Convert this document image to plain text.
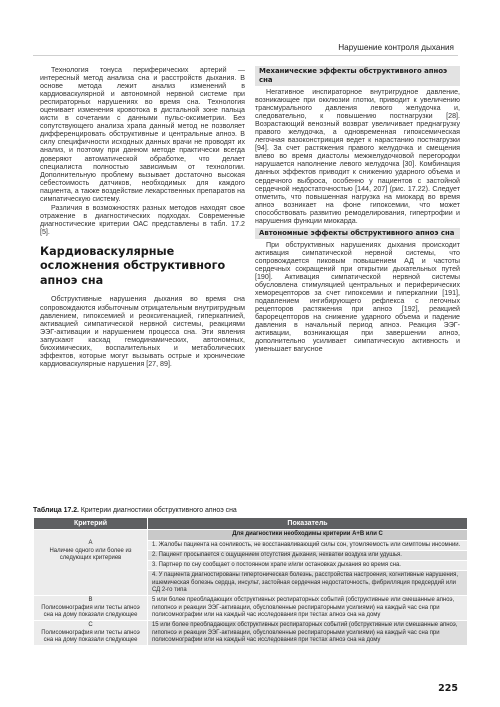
Нарушение контроля дыхания

Технология тонуса периферических артерий — интересный метод анализа сна и расстройств дыхания. В основе метода лежит анализ изменений в кардиоваскулярной и автономной нервной системе при респираторных нарушениях во время сна. Технология оценивает изменения кровотока в дистальной зоне пальца кисти в сочетании с данными пульс-оксиметрии. Без сопутствующего анализа храпа данный метод не позволяет дифференцировать обструктивные и центральные апноэ. В силу специфичности исходных данных врачи не проводят их анализ, и поэтому при данном методе практически всегда доверяют автоматической обработке, что делает специалиста полностью зависимым от технологии. Дополнительную проблему вызывает достаточно высокая себестоимость датчиков, необходимых для каждого пациента, а также воздействие лекарственных препаратов на симпатическую систему.

Различия в возможностях разных методов находят свое отражение в диагностических подходах. Современные диагностические критерии ОАС представлены в табл. 17.2 [5].

Кардиоваскулярные осложнения обструктивного апноэ сна

Обструктивные нарушения дыхания во время сна сопровождаются избыточным отрицательным внутригрудным давлением, гипоксемией и реоксигенацией, гиперкапнией, активацией симпатической нервной системы, реакциями ЭЭГ-активации и нарушением процесса сна. Эти явления запускают каскад гемодинамических, автономных, биохимических, воспалительных и метаболических эффектов, которые могут вызывать острые и хронические кардиоваскулярные нарушения [27, 89].

Механические эффекты обструктивного апноэ сна

Негативное инспираторное внутригрудное давление, возникающее при окклюзии глотки, приводит к увеличению трансмурального давления левого желудочка и, следовательно, к повышению постнагрузки [28]. Возрастающий венозный возврат увеличивает преднагрузку правого желудочка, а одновременная гипоксемическая легочная вазоконстрикция ведет к нарастанию постнагрузки [94]. За счет растяжения правого желудочка и смещения влево во время диастолы межжелудочковой перегородки нарушается наполнение левого желудочка [30]. Комбинация данных эффектов приводит к снижению ударного объема и сердечного выброса, особенно у пациентов с застойной сердечной недостаточностью [144, 207] (рис. 17.22). Следует отметить, что повышенная нагрузка на миокард во время апноэ возникает на фоне гипоксемии, что может способствовать развитию ремоделирования, гипертрофии и нарушения функции миокарда.

Автономные эффекты обструктивного апноэ сна

При обструктивных нарушениях дыхания происходит активация симпатической нервной системы, что сопровождается пиковым повышением АД и частоты сердечных сокращений при открытии дыхательных путей [190]. Активация симпатической нервной системы обусловлена стимуляцией центральных и периферических хеморецепторов за счет гипоксемии и гиперкапнии [191], подавлением ингибирующего рефлекса с легочных рецепторов растяжения при апноэ [192], реакцией барорецепторов на снижение ударного объема и падение давления в начальный период апноэ. Реакция ЭЭГ-активации, возникающая при завершении апноэ, дополнительно усиливает симпатическую активность и уменьшает вагусное

Таблица 17.2. Критерии диагностики обструктивного апноэ сна
Критерий	Показатель
А
Наличие одного или более из следующих критериев	Для диагностики необходимы критерии А+В или С
	1. Жалобы пациента на сонливость, не восстанавливающий силы сон, утомляемость или симптомы инсомнии.
	2. Пациент просыпается с ощущением отсутствия дыхания, нехватки воздуха или удушья.
	3. Партнер по сну сообщает о постоянном храпе и/или остановках дыхания во время сна.
	4. У пациента диагностированы гипертоническая болезнь, расстройства настроения, когнитивные нарушения, ишемическая болезнь сердца, инсульт, застойная сердечная недостаточность, фибрилляция предсердий или СД 2-го типа
В
Полисомнография или тесты апноэ сна на дому показали следующее	5 или более преобладающих обструктивных респираторных событий (обструктивные или смешанные апноэ, гипопноэ и реакции ЭЭГ-активации, обусловленные респираторными усилиями) на каждый час сна при полисомнографии или на каждый час исследования при тестах апноэ сна на дому
С
Полисомнография или тесты апноэ сна на дому показали следующее	15 или более преобладающих обструктивных респираторных событий (обструктивные или смешанные апноэ, гипопноэ и реакции ЭЭГ-активации, обусловленные респираторными усилиями) на каждый час сна при полисомнографии или на каждый час исследования при тестах апноэ сна на дому
225
